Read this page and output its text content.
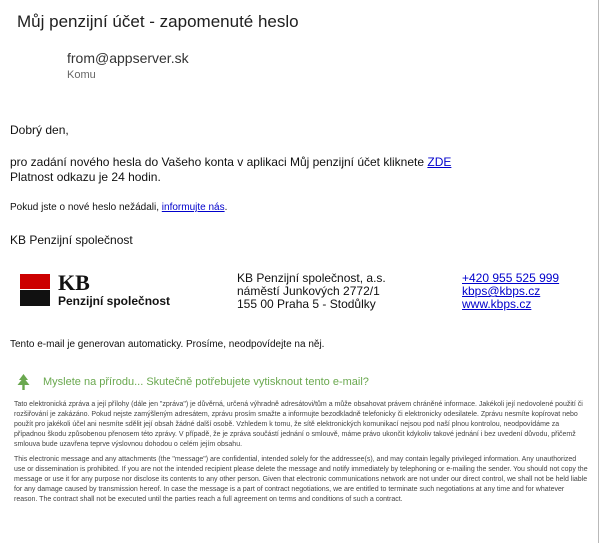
Můj penzijní účet - zapomenuté heslo
from@appserver.sk
Komu
Dobrý den,
pro zadání nového hesla do Vašeho konta v aplikaci Můj penzijní účet kliknete ZDE
Platnost odkazu je 24 hodin.
Pokud jste o nové heslo nežádali, informujte nás.
KB Penzijní společnost
KB
Penzijní společnost
KB Penzijní společnost, a.s.
náměstí Junkových 2772/1
155 00 Praha 5 - Stodůlky
+420 955 525 999
kbps@kbps.cz
www.kbps.cz
Tento e-mail je generovan automaticky. Prosíme, neodpovídejte na něj.
Myslete na přírodu... Skutečně potřebujete vytisknout tento e-mail?
Tato elektronická zpráva a její přílohy (dále jen "zpráva") je důvěrná, určená výhradně adresátovi/tům a může obsahovat právem chráněné informace. Jakékoli její nedovolené použití či rozšiřování je zakázáno. Pokud nejste zamýšleným adresátem, zprávu prosím smažte a informujte bezodkladně telefonicky či elektronicky odesilatele. Zprávu nesmíte kopírovat nebo použít pro jakékoli účel ani nesmíte sdělit její obsah žádné další osobě. Vzhledem k tomu, že sítě elektronických komunikací nejsou pod naší plnou kontrolou, neodpovídáme za případnou škodu způsobenou přenosem této zprávy. V případě, že je zpráva součástí jednání o smlouvě, máme právo ukončit kdykoliv takové jednání i bez uvedení důvodu, přičemž smlouva bude uzavřena teprve výslovnou dohodou o celém jejím obsahu.
This electronic message and any attachments (the "message") are confidential, intended solely for the addressee(s), and may contain legally privileged information. Any unauthorized use or dissemination is prohibited. If you are not the intended recipient please delete the message and notify immediately by telephoning or e-mailing the sender. You should not copy the message or use it for any purpose nor disclose its contents to any other person. Given that electronic communications network are not under our direct control, we shall not be held liable for any damage caused by transmission hereof. In case the message is a part of contract negotiations, we are entitled to terminate such negotiations at any time and for whatever reason. The contract shall not be executed until the parties reach a full agreement on terms and conditions of such a contract.
